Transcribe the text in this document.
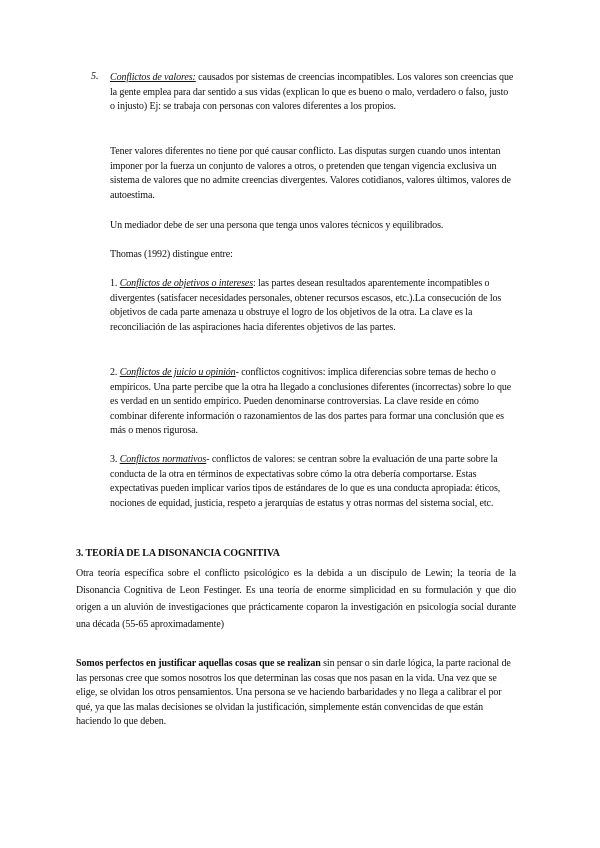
5. Conflictos de valores: causados por sistemas de creencias incompatibles. Los valores son creencias que la gente emplea para dar sentido a sus vidas (explican lo que es bueno o malo, verdadero o falso, justo o injusto) Ej: se trabaja con personas con valores diferentes a los propios.
Tener valores diferentes no tiene por qué causar conflicto. Las disputas surgen cuando unos intentan imponer por la fuerza un conjunto de valores a otros, o pretenden que tengan vigencia exclusiva un sistema de valores que no admite creencias divergentes. Valores cotidianos, valores últimos, valores de autoestima.
Un mediador debe de ser una persona que tenga unos valores técnicos y equilibrados.
Thomas (1992) distingue entre:
1. Conflictos de objetivos o intereses: las partes desean resultados aparentemente incompatibles o divergentes (satisfacer necesidades personales, obtener recursos escasos, etc.).La consecución de los objetivos de cada parte amenaza u obstruye el logro de los objetivos de la otra. La clave es la reconciliación de las aspiraciones hacia diferentes objetivos de las partes.
2. Conflictos de juicio u opinión- conflictos cognitivos: implica diferencias sobre temas de hecho o empíricos. Una parte percibe que la otra ha llegado a conclusiones diferentes (incorrectas) sobre lo que es verdad en un sentido empírico. Pueden denominarse controversias. La clave reside en cómo combinar diferente información o razonamientos de las dos partes para formar una conclusión que es más o menos rigurosa.
3. Conflictos normativos- conflictos de valores: se centran sobre la evaluación de una parte sobre la conducta de la otra en términos de expectativas sobre cómo la otra debería comportarse. Estas expectativas pueden implicar varios tipos de estándares de lo que es una conducta apropiada: éticos, nociones de equidad, justicia, respeto a jerarquías de estatus y otras normas del sistema social, etc.
3. TEORÍA DE LA DISONANCIA COGNITIVA
Otra teoría específica sobre el conflicto psicológico es la debida a un discípulo de Lewin; la teoría de la Disonancia Cognitiva de Leon Festinger. Es una teoría de enorme simplicidad en su formulación y que dio origen a un aluvión de investigaciones que prácticamente coparon la investigación en psicología social durante una década (55-65 aproximadamente)
Somos perfectos en justificar aquellas cosas que se realizan sin pensar o sin darle lógica, la parte racional de las personas cree que somos nosotros los que determinan las cosas que nos pasan en la vida. Una vez que se elige, se olvidan los otros pensamientos. Una persona se ve haciendo barbaridades y no llega a calibrar el por qué, ya que las malas decisiones se olvidan la justificación, simplemente están convencidas de que están haciendo lo que deben.
